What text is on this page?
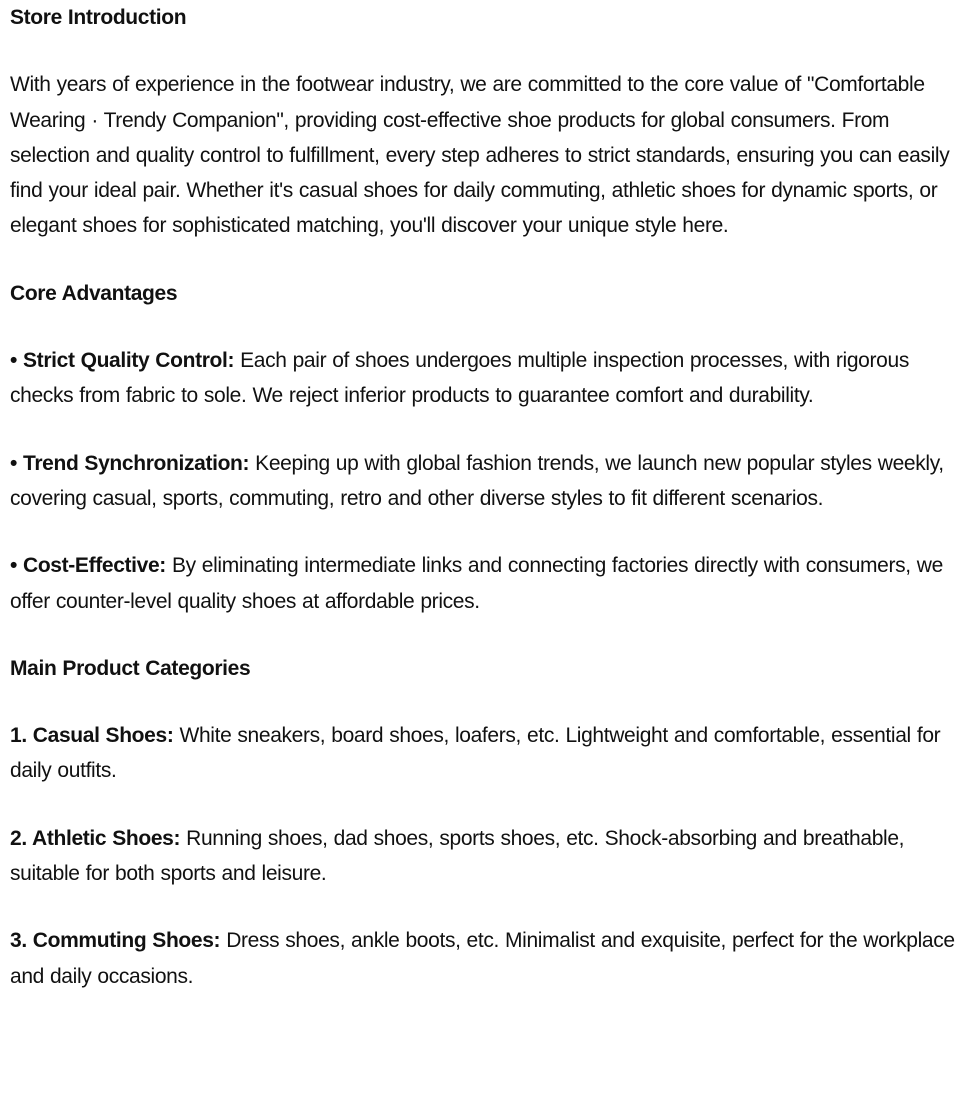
Store Introduction

With years of experience in the footwear industry, we are committed to the core value of "Comfortable Wearing · Trendy Companion", providing cost-effective shoe products for global consumers. From selection and quality control to fulfillment, every step adheres to strict standards, ensuring you can easily find your ideal pair. Whether it's casual shoes for daily commuting, athletic shoes for dynamic sports, or elegant shoes for sophisticated matching, you'll discover your unique style here.

Core Advantages

• Strict Quality Control: Each pair of shoes undergoes multiple inspection processes, with rigorous checks from fabric to sole. We reject inferior products to guarantee comfort and durability.

• Trend Synchronization: Keeping up with global fashion trends, we launch new popular styles weekly, covering casual, sports, commuting, retro and other diverse styles to fit different scenarios.

• Cost-Effective: By eliminating intermediate links and connecting factories directly with consumers, we offer counter-level quality shoes at affordable prices.

Main Product Categories

1. Casual Shoes: White sneakers, board shoes, loafers, etc. Lightweight and comfortable, essential for daily outfits.

2. Athletic Shoes: Running shoes, dad shoes, sports shoes, etc. Shock-absorbing and breathable, suitable for both sports and leisure.

3. Commuting Shoes: Dress shoes, ankle boots, etc. Minimalist and exquisite, perfect for the workplace and daily occasions.
